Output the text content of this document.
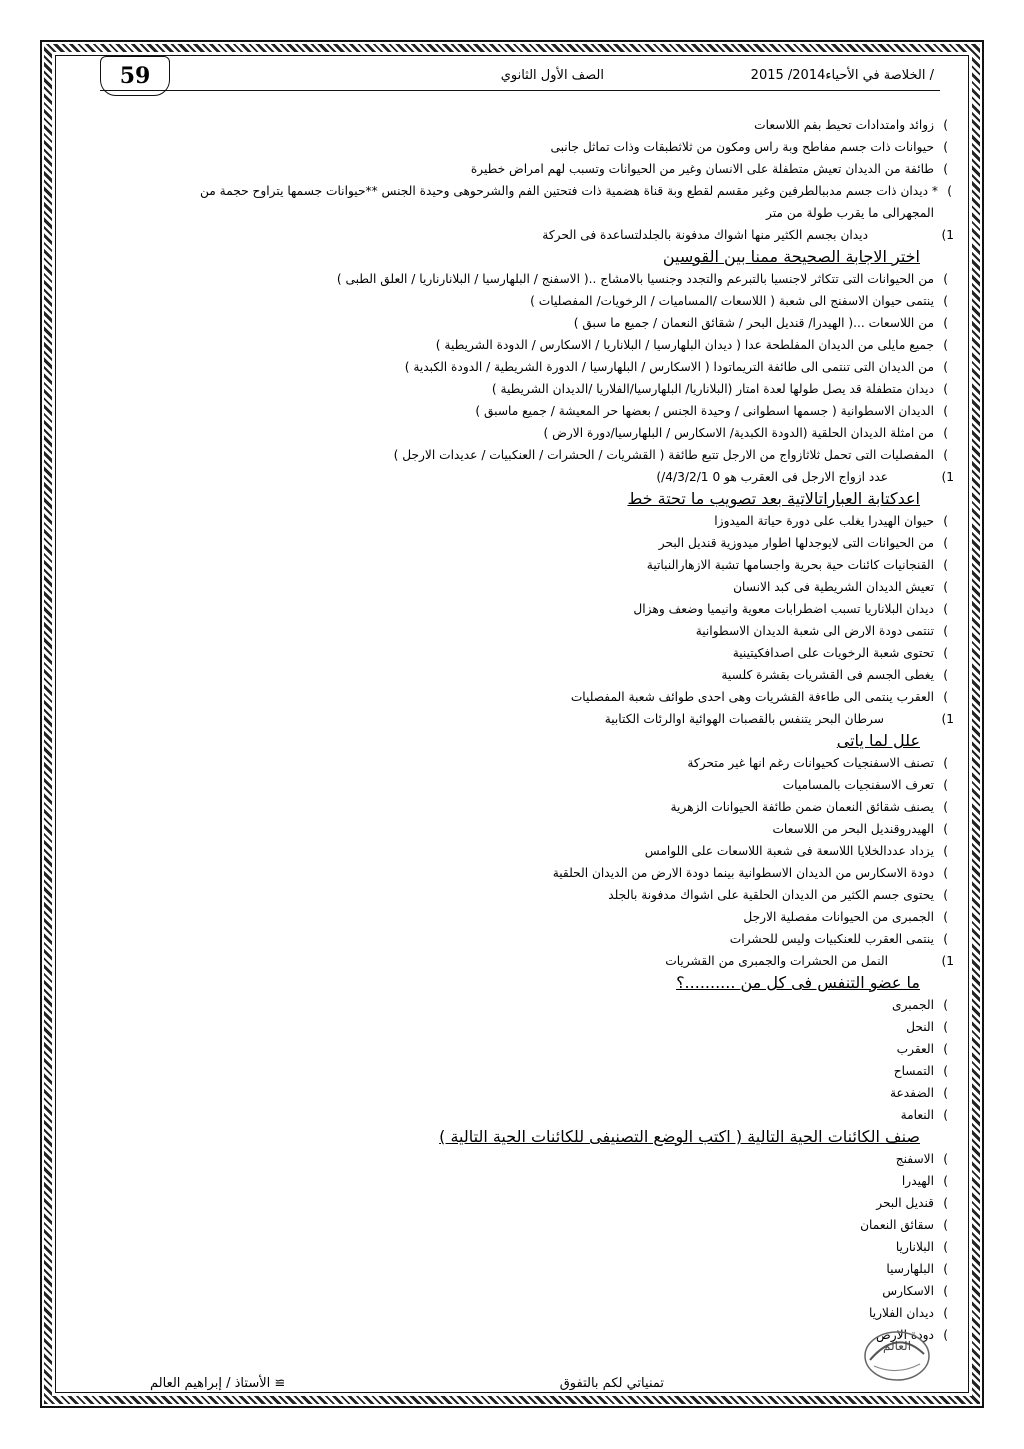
59	/ الخلاصة في الأحياء2014/ 2015
الصف الأول الثانوي
) زوائد وامتدادات تحيط بفم اللاسعات
) حيوانات ذات جسم مفاطح وبة راس ومكون من ثلاثطبقات وذات تماثل جانبى
) طائفة من الديدان تعيش متطفلة على الانسان وغير من الحيوانات وتسبب لهم امراض خطيرة
) * ديدان ذات جسم مدببالطرفين وغير مقسم لقطع وبة قناة هضمية ذات فتحتين الفم والشرحوهى وحيدة الجنس **حيوانات جسمها يتراوح حجمة من
المجهرالى ما يقرب طولة من متر
1) ديدان بجسم الكثير منها اشواك مدفونة بالجلدلتساعدة فى الحركة
اختر الاجابة الصحيحة ممنا بين القوسين
) من الحيوانات التى تتكاثر لاجنسيا بالتبرعم والتجدد وجنسيا بالامشاج ..( الاسفنج / البلهارسيا / البلانارناريا / العلق الطبى )
) ينتمى حيوان الاسفنج الى شعبة ( اللاسعات /المساميات / الرخويات/ المفصليات )
) من اللاسعات ...( الهيدرا/ قنديل البحر / شقائق النعمان / جميع ما سبق )
) جميع مايلى من الديدان المفلطحة عدا ( ديدان البلهارسيا / البلاناريا / الاسكارس / الدودة الشريطية )
) من الديدان التى تنتمى الى طائفة التريماتودا ( الاسكارس / البلهارسيا / الدورة الشريطية / الدودة الكبدية )
) ديدان متطفلة قد يصل طولها لعدة امتار (البلاناريا/ البلهارسيا/الفلاريا /الديدان الشريطية )
) الديدان الاسطوانية ( جسمها اسطوانى / وحيدة الجنس / بعضها حر المعيشة / جميع ماسبق )
) من امثلة الديدان الحلقية (الدودة الكبدية/ الاسكارس / البلهارسيا/دورة الارض )
) المفصليات التى تحمل ثلاثازواج من الارجل تتبع طائفة ( القشريات / الحشرات / العنكبيات / عديدات الارجل )
1) عدد ازواج الارجل فى العقرب هو 0 4/3/2/1/)
اعدكتابة العباراتالاتية بعد تصويب ما تحتة خط
) حيوان الهيدرا يغلب على دورة حياتة الميدوزا
) من الحيوانات التى لايوجدلها اطوار ميدوزية قنديل البحر
) القنجانيات كائنات حية بحرية واجسامها تشبة الازهارالنباتية
) تعيش الديدان الشريطية فى كبد الانسان
) ديدان البلاناريا تسبب اضطرابات معوية وانيميا وضعف وهزال
) تنتمى دودة الارض الى شعبة الديدان الاسطوانية
) تحتوى شعبة الرخويات على اصدافكيتينية
) يغطى الجسم فى القشريات بقشرة كلسية
) العقرب ينتمى الى طاءفة القشريات وهى احدى طوائف شعبة المفصليات
1) سرطان البحر يتنفس بالقصبات الهوائية اوالرئات الكتابية
علل لما ياتى
) تصنف الاسفنجيات كحيوانات رغم انها غير متحركة
) تعرف الاسفنجيات بالمساميات
) يصنف شقائق النعمان ضمن طائفة الحيوانات الزهرية
) الهيدروقنديل البحر من اللاسعات
) يزداد عددالخلايا اللاسعة فى شعبة اللاسعات على اللوامس
) دودة الاسكارس من الديدان الاسطوانية بينما دودة الارض من الديدان الحلقية
) يحتوى جسم الكثير من الديدان الحلقية على اشواك مدفونة بالجلد
) الجمبرى من الحيوانات مفصلية الارجل
) ينتمى العقرب للعنكبيات وليس للحشرات
1) النمل من الحشرات والجمبرى من القشريات
ما عضو التنفس فى كل من ..........؟
) الجمبرى
) النحل
) العقرب
) التمساح
) الضفدعة
) النعامة
صنف الكائنات الحية التالية ( اكتب الوضع التصنيفى للكائنات الحية التالية )
) الاسفنج
) الهيدرا
) قنديل البحر
) سقائق النعمان
) البلاناريا
) البلهارسيا
) الاسكارس
) ديدان الفلاريا
) دودة الارض
العالم
تمنياتي لكم بالتفوق
≅ الأستاذ / إبراهيم العالم
